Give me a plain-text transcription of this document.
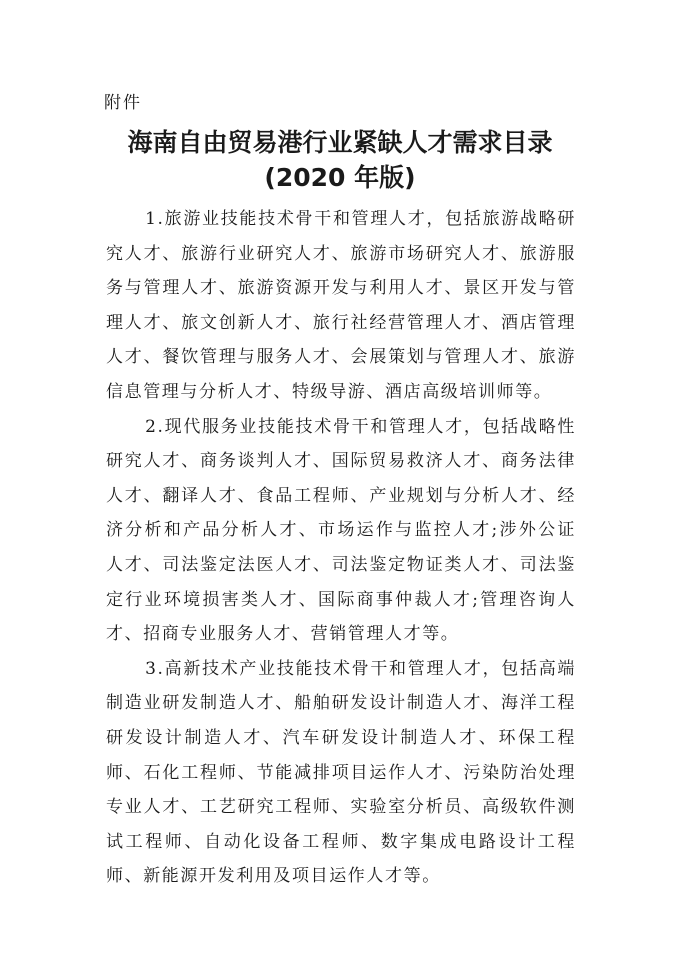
附件
海南自由贸易港行业紧缺人才需求目录
(2020 年版)

1.旅游业技能技术骨干和管理人才，包括旅游战略研究人才、旅游行业研究人才、旅游市场研究人才、旅游服务与管理人才、旅游资源开发与利用人才、景区开发与管理人才、旅文创新人才、旅行社经营管理人才、酒店管理人才、餐饮管理与服务人才、会展策划与管理人才、旅游信息管理与分析人才、特级导游、酒店高级培训师等。

2.现代服务业技能技术骨干和管理人才，包括战略性研究人才、商务谈判人才、国际贸易救济人才、商务法律人才、翻译人才、食品工程师、产业规划与分析人才、经济分析和产品分析人才、市场运作与监控人才;涉外公证人才、司法鉴定法医人才、司法鉴定物证类人才、司法鉴定行业环境损害类人才、国际商事仲裁人才;管理咨询人才、招商专业服务人才、营销管理人才等。

3.高新技术产业技能技术骨干和管理人才，包括高端制造业研发制造人才、船舶研发设计制造人才、海洋工程研发设计制造人才、汽车研发设计制造人才、环保工程师、石化工程师、节能减排项目运作人才、污染防治处理专业人才、工艺研究工程师、实验室分析员、高级软件测试工程师、自动化设备工程师、数字集成电路设计工程师、新能源开发利用及项目运作人才等。
